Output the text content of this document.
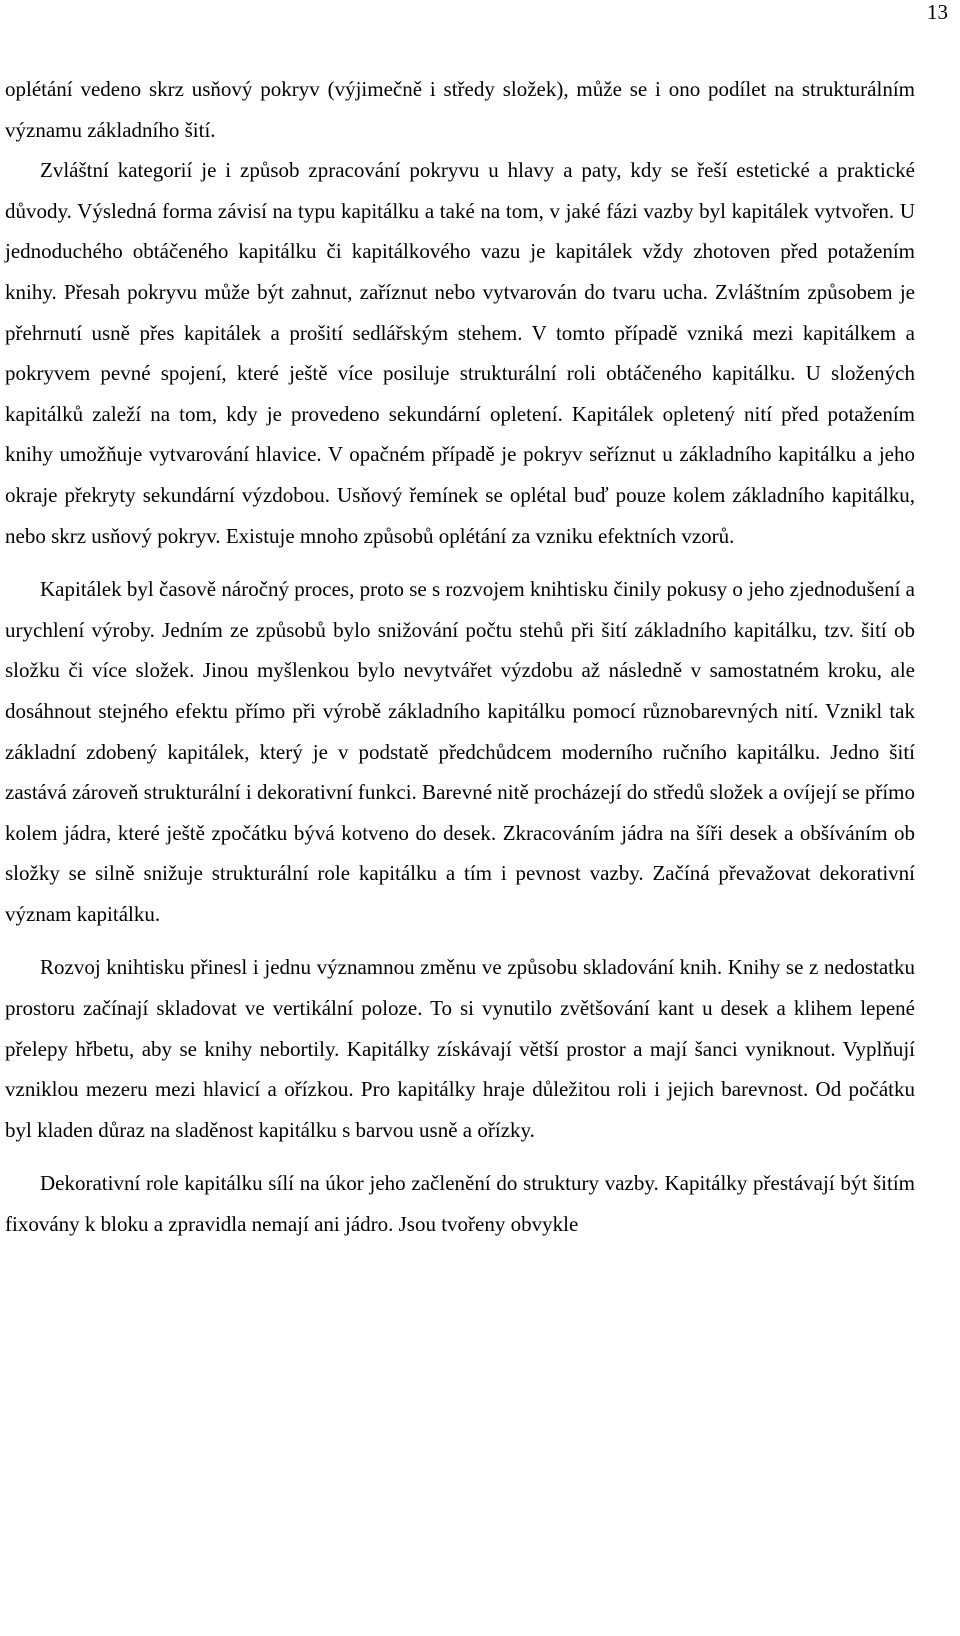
13

oplétání vedeno skrz usňový pokryv (výjimečně i středy složek), může se i ono podílet na strukturálním významu základního šití.

Zvláštní kategorií je i způsob zpracování pokryvu u hlavy a paty, kdy se řeší estetické a praktické důvody. Výsledná forma závisí na typu kapitálku a také na tom, v jaké fázi vazby byl kapitálek vytvořen. U jednoduchého obtáčeného kapitálku či kapitálkového vazu je kapitálek vždy zhotoven před potažením knihy. Přesah pokryvu může být zahnut, zaříznut nebo vytvarován do tvaru ucha. Zvláštním způsobem je přehrnutí usně přes kapitálek a prošití sedlářským stehem. V tomto případě vzniká mezi kapitálkem a pokryvem pevné spojení, které ještě více posiluje strukturální roli obtáčeného kapitálku. U složených kapitálků zaleží na tom, kdy je provedeno sekundární opletení. Kapitálek opletený nití před potažením knihy umožňuje vytvarování hlavice. V opačném případě je pokryv seříznut u základního kapitálku a jeho okraje překryty sekundární výzdobou. Usňový řemínek se oplétal buď pouze kolem základního kapitálku, nebo skrz usňový pokryv. Existuje mnoho způsobů oplétání za vzniku efektních vzorů.

Kapitálek byl časově náročný proces, proto se s rozvojem knihtisku činily pokusy o jeho zjednodušení a urychlení výroby. Jedním ze způsobů bylo snižování počtu stehů při šití základního kapitálku, tzv. šití ob složku či více složek. Jinou myšlenkou bylo nevytvářet výzdobu až následně v samostatném kroku, ale dosáhnout stejného efektu přímo při výrobě základního kapitálku pomocí různobarevných nití. Vznikl tak základní zdobený kapitálek, který je v podstatě předchůdcem moderního ručního kapitálku. Jedno šití zastává zároveň strukturální i dekorativní funkci. Barevné nitě procházejí do středů složek a ovíjejí se přímo kolem jádra, které ještě zpočátku bývá kotveno do desek. Zkracováním jádra na šíři desek a obšíváním ob složky se silně snižuje strukturální role kapitálku a tím i pevnost vazby. Začíná převažovat dekorativní význam kapitálku.

Rozvoj knihtisku přinesl i jednu významnou změnu ve způsobu skladování knih. Knihy se z nedostatku prostoru začínají skladovat ve vertikální poloze. To si vynutilo zvětšování kant u desek a klihem lepené přelepy hřbetu, aby se knihy nebortily. Kapitálky získávají větší prostor a mají šanci vyniknout. Vyplňují vzniklou mezeru mezi hlavicí a ořízkou. Pro kapitálky hraje důležitou roli i jejich barevnost. Od počátku byl kladen důraz na sladěnost kapitálku s barvou usně a ořízky.

Dekorativní role kapitálku sílí na úkor jeho začlenění do struktury vazby. Kapitálky přestávají být šitím fixovány k bloku a zpravidla nemají ani jádro. Jsou tvořeny obvykle
